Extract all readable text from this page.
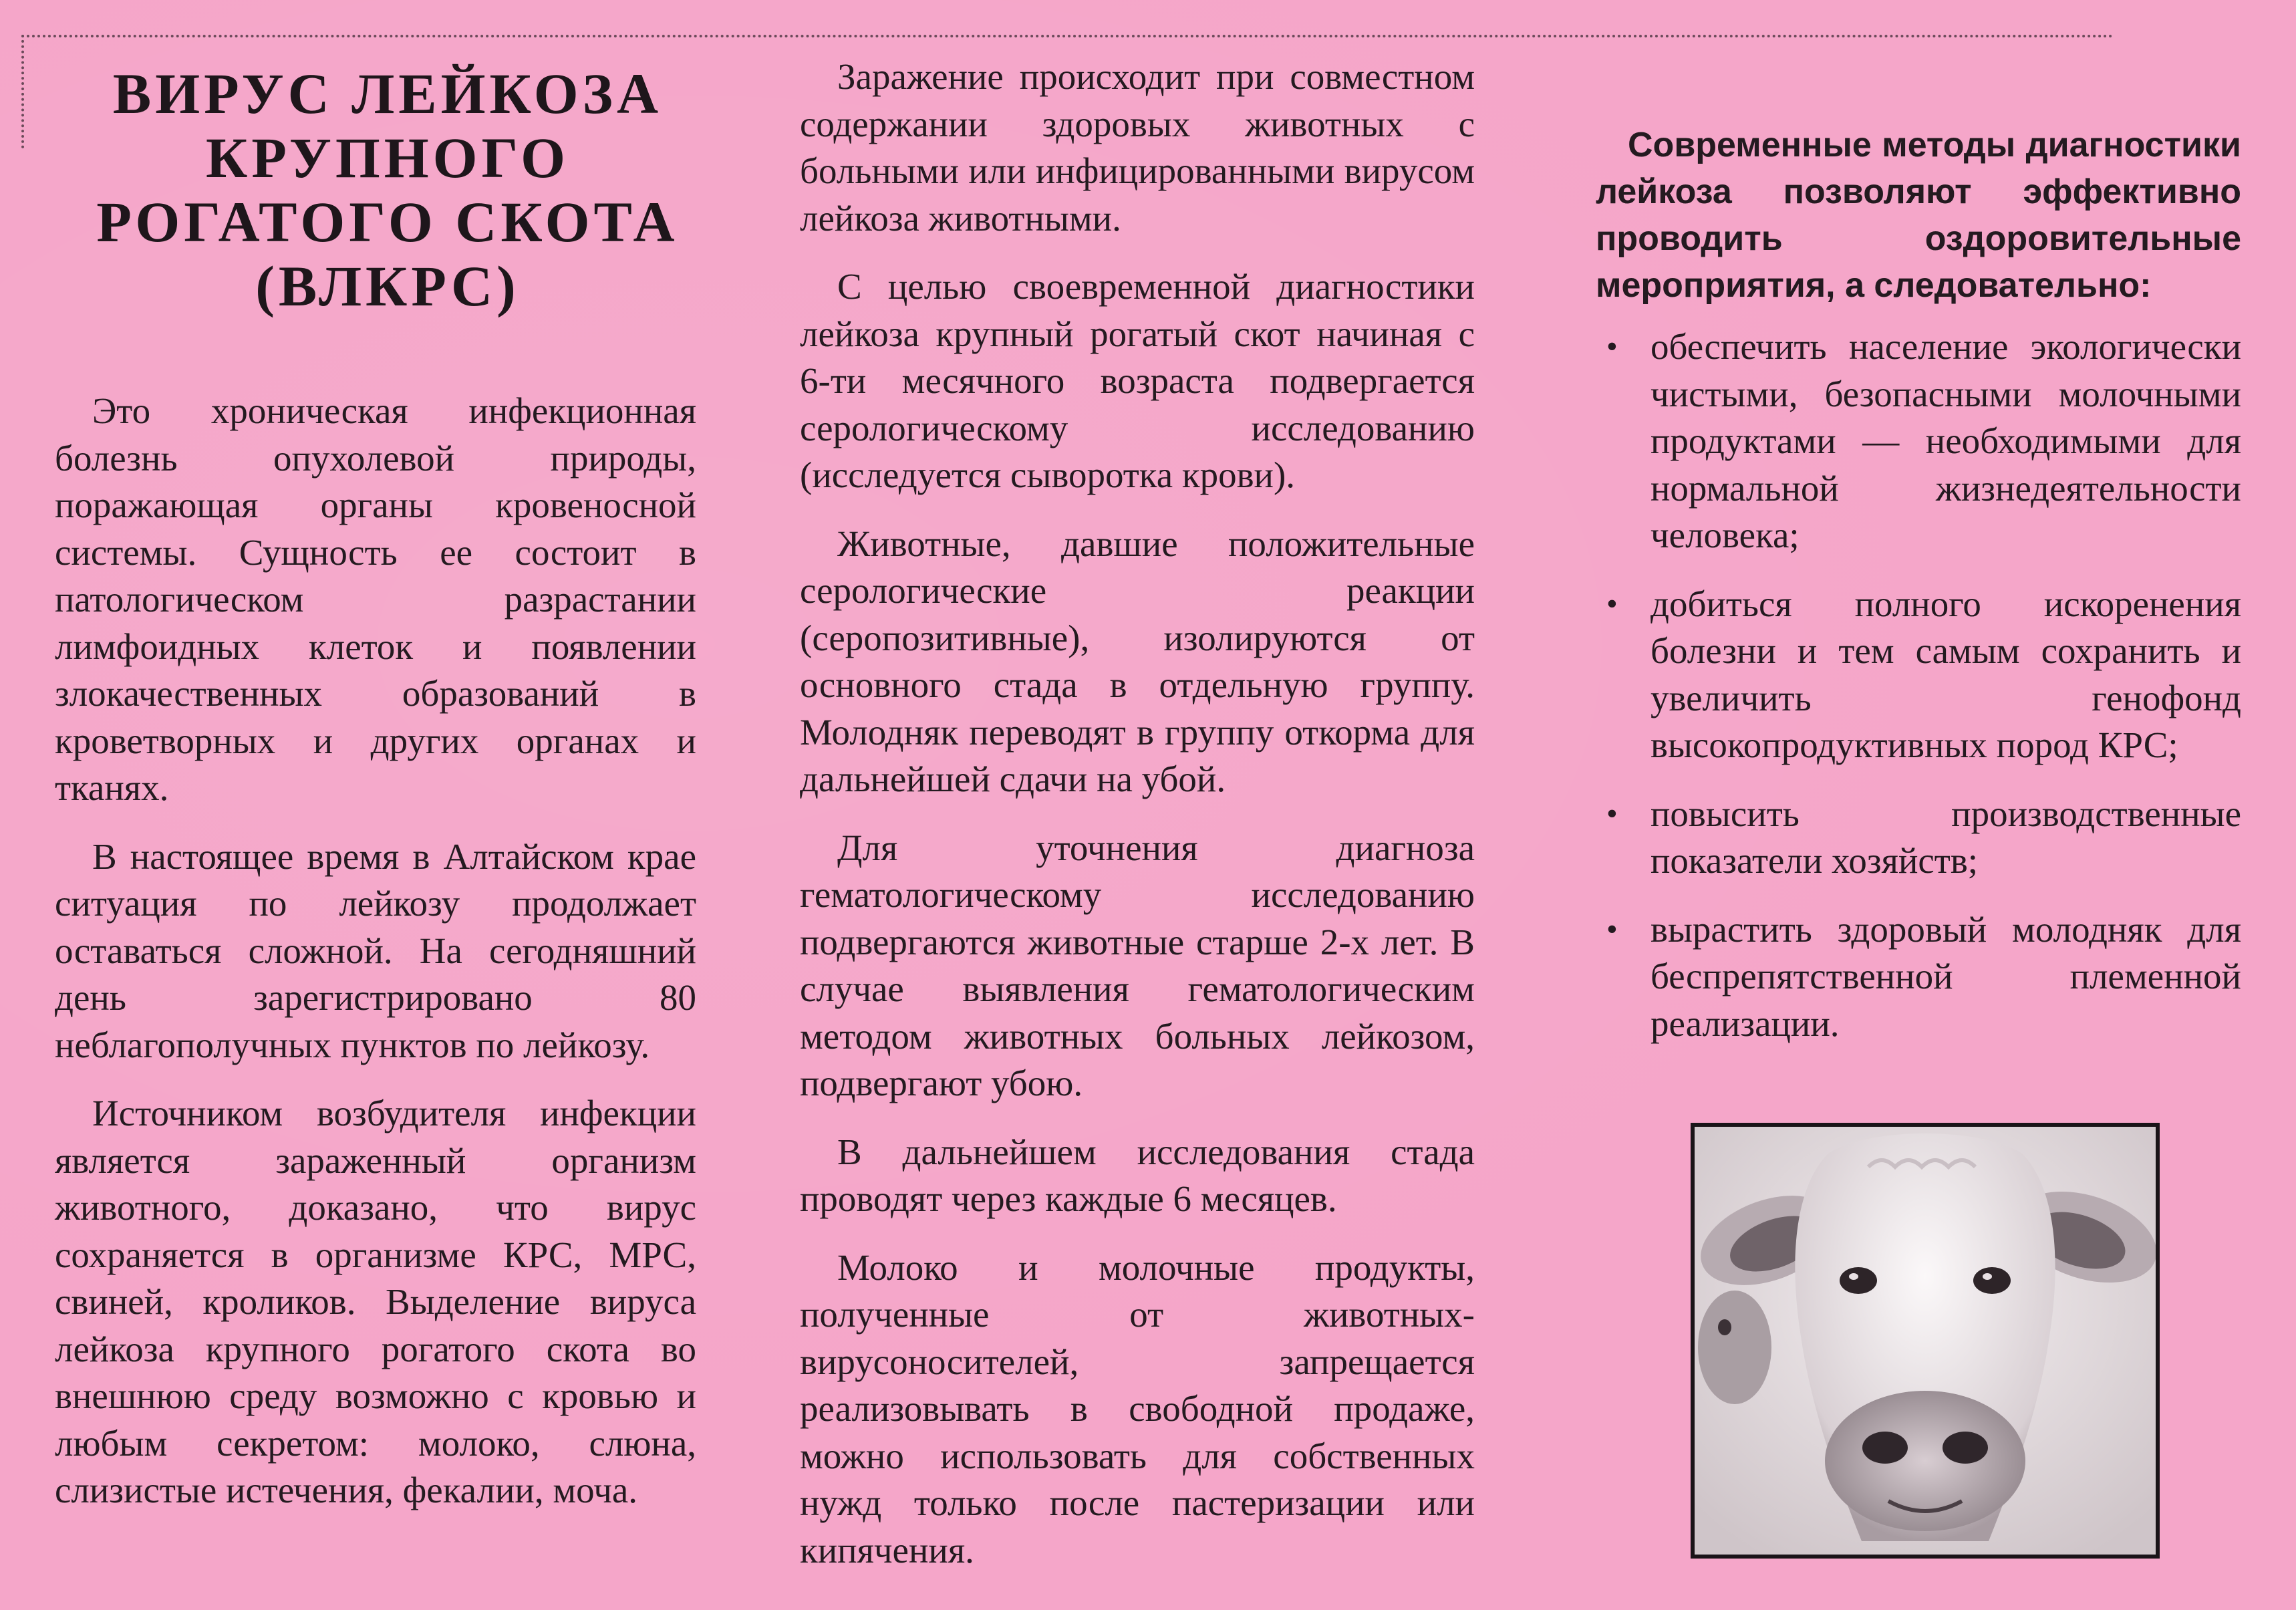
ВИРУС ЛЕЙКОЗА
КРУПНОГО
РОГАТОГО СКОТА
(ВЛКРС)

Это хроническая инфекционная болезнь опухолевой природы, поражающая органы кровеносной системы. Сущность ее состоит в патологическом разрастании лимфоидных клеток и появлении злокачественных образований в кроветворных и других органах и тканях.

В настоящее время в Алтайском крае ситуация по лейкозу продолжает оставаться сложной. На сегодняшний день зарегистрировано 80 неблагополучных пунктов по лейкозу.

Источником возбудителя инфекции является зараженный организм животного, доказано, что вирус сохраняется в организме КРС, МРС, свиней, кроликов. Выделение вируса лейкоза крупного рогатого скота во внешнюю среду возможно с кровью и любым секретом: молоко, слюна, слизистые истечения, фекалии, моча.

Заражение происходит при совместном содержании здоровых животных с больными или инфицированными вирусом лейкоза животными.

С целью своевременной диагностики лейкоза крупный рогатый скот начиная с 6-ти месячного возраста подвергается серологическому исследованию (исследуется сыворотка крови).

Животные, давшие положительные серологические реакции (серопозитивные), изолируются от основного стада в отдельную группу. Молодняк переводят в группу откорма для дальнейшей сдачи на убой.

Для уточнения диагноза гематологическому исследованию подвергаются животные старше 2-х лет. В случае выявления гематологическим методом животных больных лейкозом, подвергают убою.

В дальнейшем исследования стада проводят через каждые 6 месяцев.

Молоко и молочные продукты, полученные от животных-вирусоносителей, запрещается реализовывать в свободной продаже, можно использовать для собственных нужд только после пастеризации или кипячения.

Современные методы диагностики лейкоза позволяют эффективно проводить оздоровительные мероприятия, а следовательно:

• обеспечить население экологически чистыми, безопасными молочными продуктами — необходимыми для нормальной жизнедеятельности человека;
• добиться полного искоренения болезни и тем самым сохранить и увеличить генофонд высокопродуктивных пород КРС;
• повысить производственные показатели хозяйств;
• вырастить здоровый молодняк для беспрепятственной племенной реализации.
